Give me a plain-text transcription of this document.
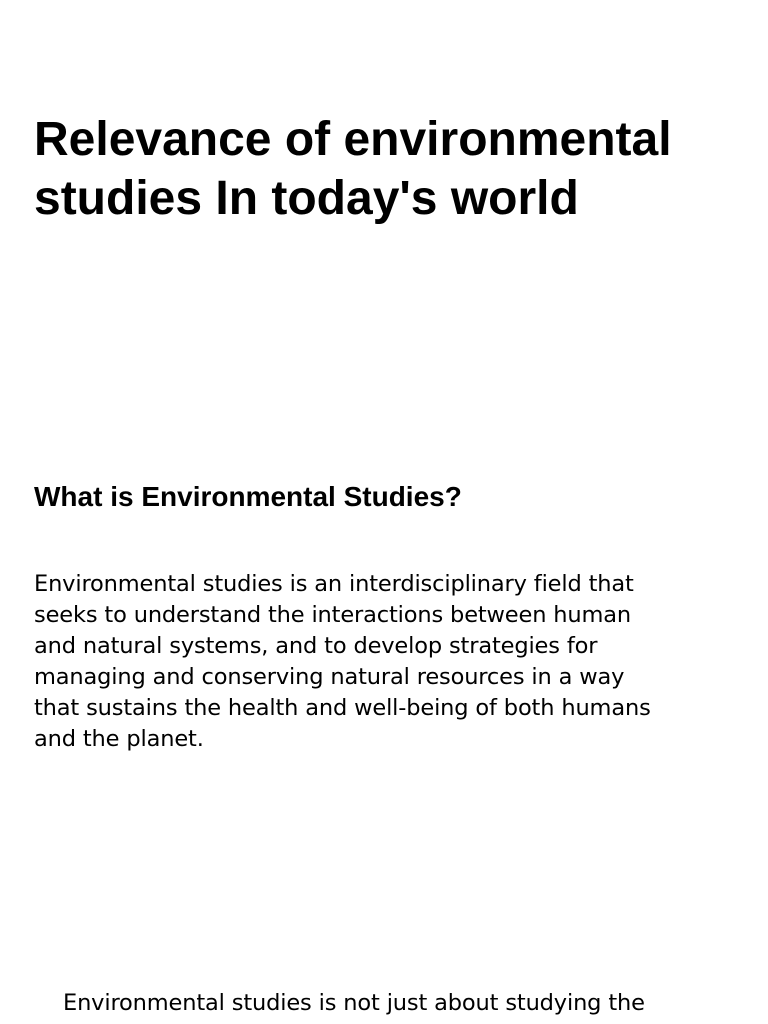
Relevance of environmental
studies In today's world
What is Environmental Studies?

Environmental studies is an interdisciplinary field that
seeks to understand the interactions between human
and natural systems, and to develop strategies for
managing and conserving natural resources in a way
that sustains the health and well-being of both humans
and the planet.

Environmental studies is not just about studying the
